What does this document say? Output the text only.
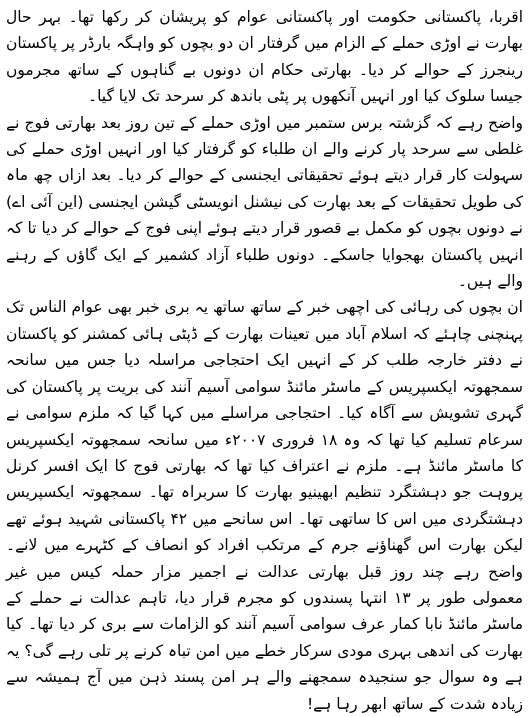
اقربا، پاکستانی حکومت اور پاکستانی عوام کو پریشان کر رکھا تھا۔ بہر حال بھارت نے اوڑی حملے کے الزام میں گرفتار ان دو بچوں کو واہگہ بارڈر پر پاکستان رینجرز کے حوالے کر دیا۔ بھارتی حکام ان دونوں بے گناہوں کے ساتھ مجرموں جیسا سلوک کیا اور انہیں آنکھوں پر پٹی باندھ کر سرحد تک لایا گیا۔

واضح رہے کہ گزشتہ برس ستمبر میں اوڑی حملے کے تین روز بعد بھارتی فوج نے غلطی سے سرحد پار کرنے والے ان طلباء کو گرفتار کیا اور انہیں اوڑی حملے کی سہولت کار قرار دیتے ہوئے تحقیقاتی ایجنسی کے حوالے کر دیا۔ بعد ازاں چھ ماہ کی طویل تحقیقات کے بعد بھارت کی نیشنل انویسٹی گیشن ایجنسی (این آئی اے) نے دونوں بچوں کو مکمل بے قصور قرار دیتے ہوئے اپنی فوج کے حوالے کر دیا تا کہ انہیں پاکستان بھجوایا جاسکے۔ دونوں طلباء آزاد کشمیر کے ایک گاؤں کے رہنے والے ہیں۔

ان بچوں کی رہائی کی اچھی خبر کے ساتھ ساتھ یہ بری خبر بھی عوام الناس تک پہنچنی چاہئے کہ اسلام آباد میں تعینات بھارت کے ڈپٹی ہائی کمشنر کو پاکستان نے دفتر خارجہ طلب کر کے انہیں ایک احتجاجی مراسلہ دیا جس میں سانحہ سمجھوتہ ایکسپریس کے ماسٹر مائنڈ سوامی آسیم آنند کی بریت پر پاکستان کی گہری تشویش سے آگاہ کیا۔ احتجاجی مراسلے میں کہا گیا کہ ملزم سوامی نے سرعام تسلیم کیا تھا کہ وہ ۱۸ فروری ۲۰۰۷ء میں سانحہ سمجھوتہ ایکسپریس کا ماسٹر مائنڈ ہے۔ ملزم نے اعتراف کیا تھا کہ بھارتی فوج کا ایک افسر کرنل پروہت جو دہشتگرد تنظیم ابھینیو بھارت کا سربراہ تھا۔ سمجھوتہ ایکسپریس دہشتگردی میں اس کا ساتھی تھا۔ اس سانحے میں ۴۲ پاکستانی شہید ہوئے تھے لیکن بھارت اس گھناؤنے جرم کے مرتکب افراد کو انصاف کے کٹہرے میں لانے۔ واضح رہے چند روز قبل بھارتی عدالت نے اجمیر مزار حملہ کیس میں غیر معمولی طور پر ۱۳ انتہا پسندوں کو مجرم قرار دیا، تاہم عدالت نے حملے کے ماسٹر مائنڈ نابا کمار عرف سوامی آسیم آنند کو الزامات سے بری کر دیا تھا۔ کیا بھارت کی اندھی بہری مودی سرکار خطے میں امن تباہ کرنے پر تلی رہے گی؟ یہ ہے وہ سوال جو سنجیدہ سمجھنے والے ہر امن پسند ذہن میں آج ہمیشہ سے زیادہ شدت کے ساتھ ابھر رہا ہے!
